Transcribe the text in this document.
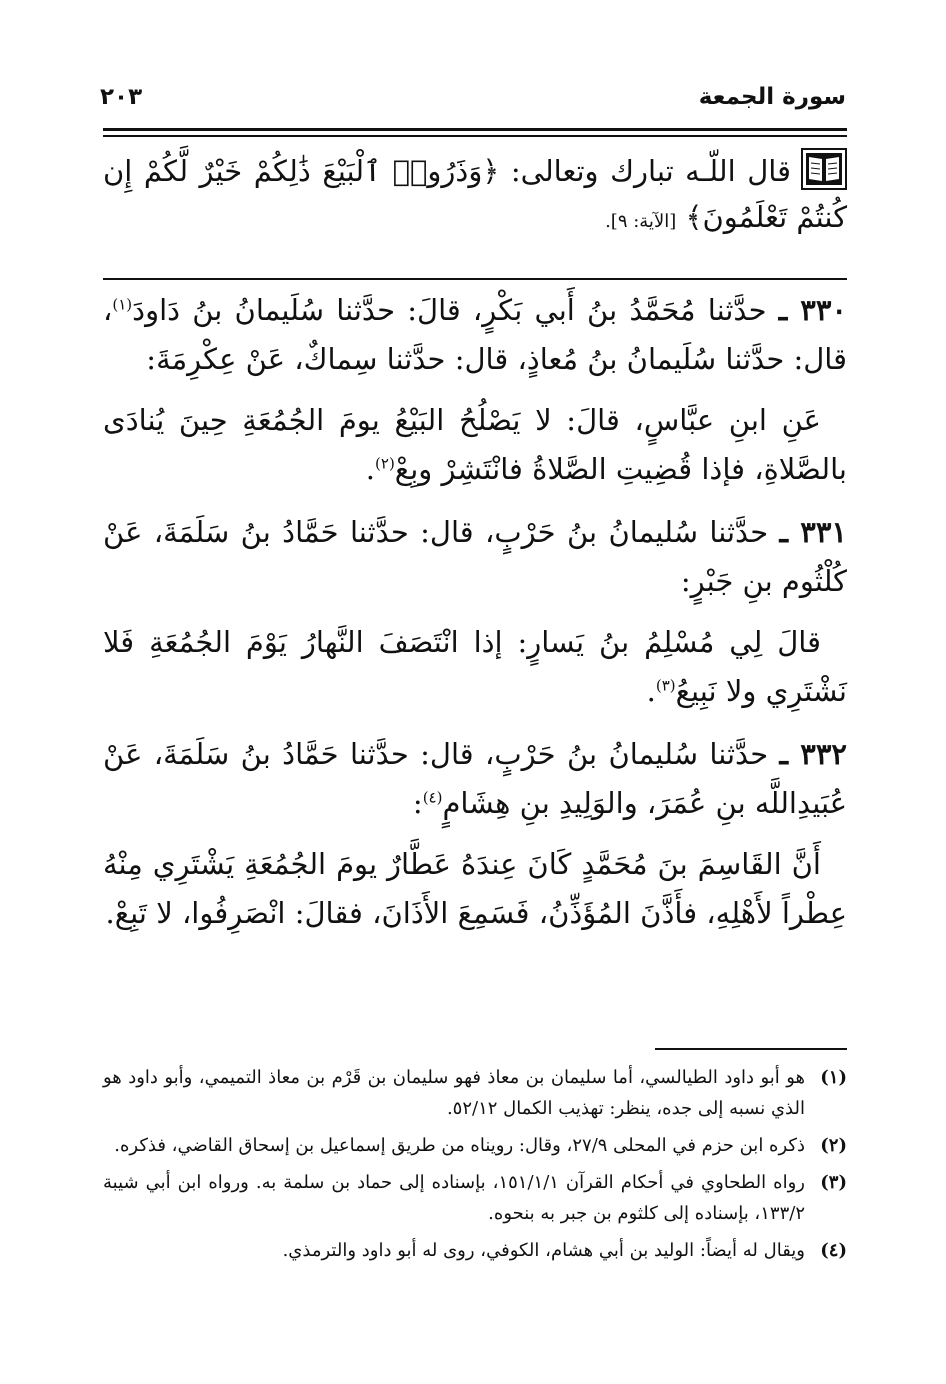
سورة الجمعة
٢٠٣
قال اللّـه تبارك وتعالى: ﴿وَذَرُوا۟ ٱلْبَيْعَ ذَٰلِكُمْ خَيْرٌ لَّكُمْ إِن كُنتُمْ تَعْلَمُونَ﴾ [الآية: ٩].

٣٣٠ ـ حدَّثنا مُحَمَّدُ بنُ أَبي بَكْرٍ، قالَ: حدَّثنا سُلَيمانُ بنُ دَاودَ$^{(١)}$، قال: حدَّثنا سُلَيمانُ بنُ مُعاذٍ، قال: حدَّثنا سِماكٌ، عَنْ عِكْرِمَةَ:

عَنِ ابنِ عبَّاسٍ، قالَ: لا يَصْلُحُ البَيْعُ يومَ الجُمُعَةِ حِينَ يُنادَى بالصَّلاةِ، فإذا قُضِيتِ الصَّلاةُ فانْتَشِرْ وبِعْ$^{(٢)}$.

٣٣١ ـ حدَّثنا سُليمانُ بنُ حَرْبٍ، قال: حدَّثنا حَمَّادُ بنُ سَلَمَةَ، عَنْ كُلْثُوم بنِ جَبْرٍ:

قالَ لِي مُسْلِمُ بنُ يَسارٍ: إذا انْتَصَفَ النَّهارُ يَوْمَ الجُمُعَةِ فَلا نَشْتَرِي ولا نَبِيعُ$^{(٣)}$.

٣٣٢ ـ حدَّثنا سُليمانُ بنُ حَرْبٍ، قال: حدَّثنا حَمَّادُ بنُ سَلَمَةَ، عَنْ عُبَيدِاللَّه بنِ عُمَرَ، والوَلِيدِ بنِ هِشَامٍ$^{(٤)}$:

أَنَّ القَاسِمَ بنَ مُحَمَّدٍ كَانَ عِندَهُ عَطَّارٌ يومَ الجُمُعَةِ يَشْتَرِي مِنْهُ عِطْراً لأَهْلِهِ، فأَذَّنَ المُؤَذِّنُ، فَسَمِعَ الأَذَانَ، فقالَ: انْصَرِفُوا، لا تَبِعْ.

(١)
هو أبو داود الطيالسي، أما سليمان بن معاذ فهو سليمان بن قَرْم بن معاذ التميمي، وأبو داود هو الذي نسبه إلى جده، ينظر: تهذيب الكمال ٥٢/١٢.

(٢)
ذكره ابن حزم في المحلى ٢٧/٩، وقال: رويناه من طريق إسماعيل بن إسحاق القاضي، فذكره.

(٣)
رواه الطحاوي في أحكام القرآن ١٥١/١/١، بإسناده إلى حماد بن سلمة به. ورواه ابن أبي شيبة ١٣٣/٢، بإسناده إلى كلثوم بن جبر به بنحوه.

(٤)
ويقال له أيضاً: الوليد بن أبي هشام، الكوفي، روى له أبو داود والترمذي.
